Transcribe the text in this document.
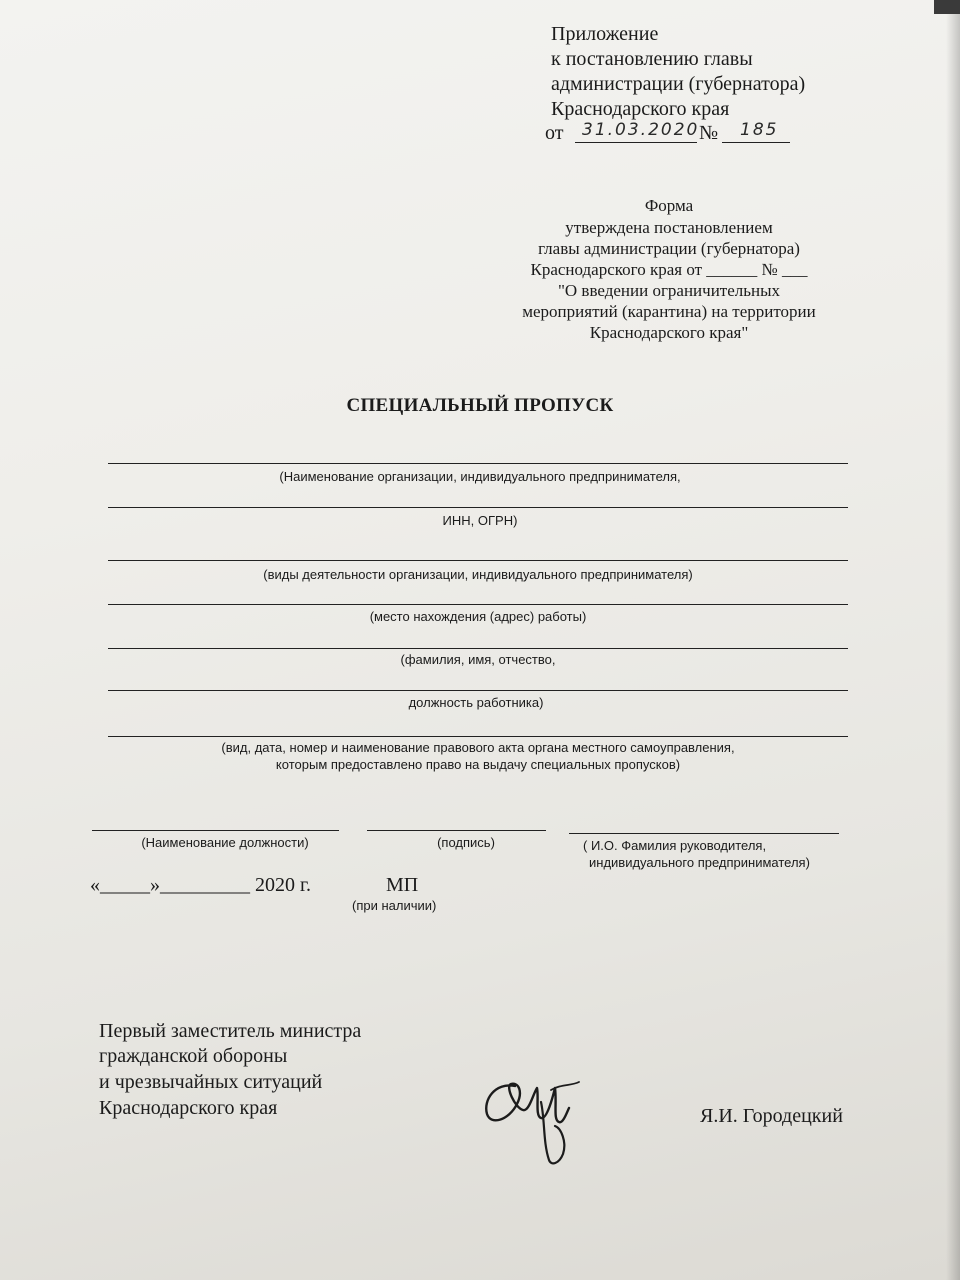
Приложение
к постановлению главы
администрации (губернатора)
Краснодарского края
от 31.03.2020 № 185
Форма
утверждена постановлением
главы администрации (губернатора)
Краснодарского края от ______ № ___
"О введении ограничительных
мероприятий (карантина) на территории
Краснодарского края"
СПЕЦИАЛЬНЫЙ ПРОПУСК
(Наименование организации, индивидуального предпринимателя,
ИНН, ОГРН)
(виды деятельности организации, индивидуального предпринимателя)
(место нахождения (адрес) работы)
(фамилия, имя, отчество,
должность работника)
(вид, дата, номер и наименование правового акта органа местного самоуправления,
которым предоставлено право на выдачу специальных пропусков)
(Наименование должности)	(подпись)	( И.О. Фамилия руководителя,
индивидуального предпринимателя)
«_____»_________ 2020 г.	МП
(при наличии)
Первый заместитель министра
гражданской обороны
и чрезвычайных ситуаций
Краснодарского края	Я.И. Городецкий
